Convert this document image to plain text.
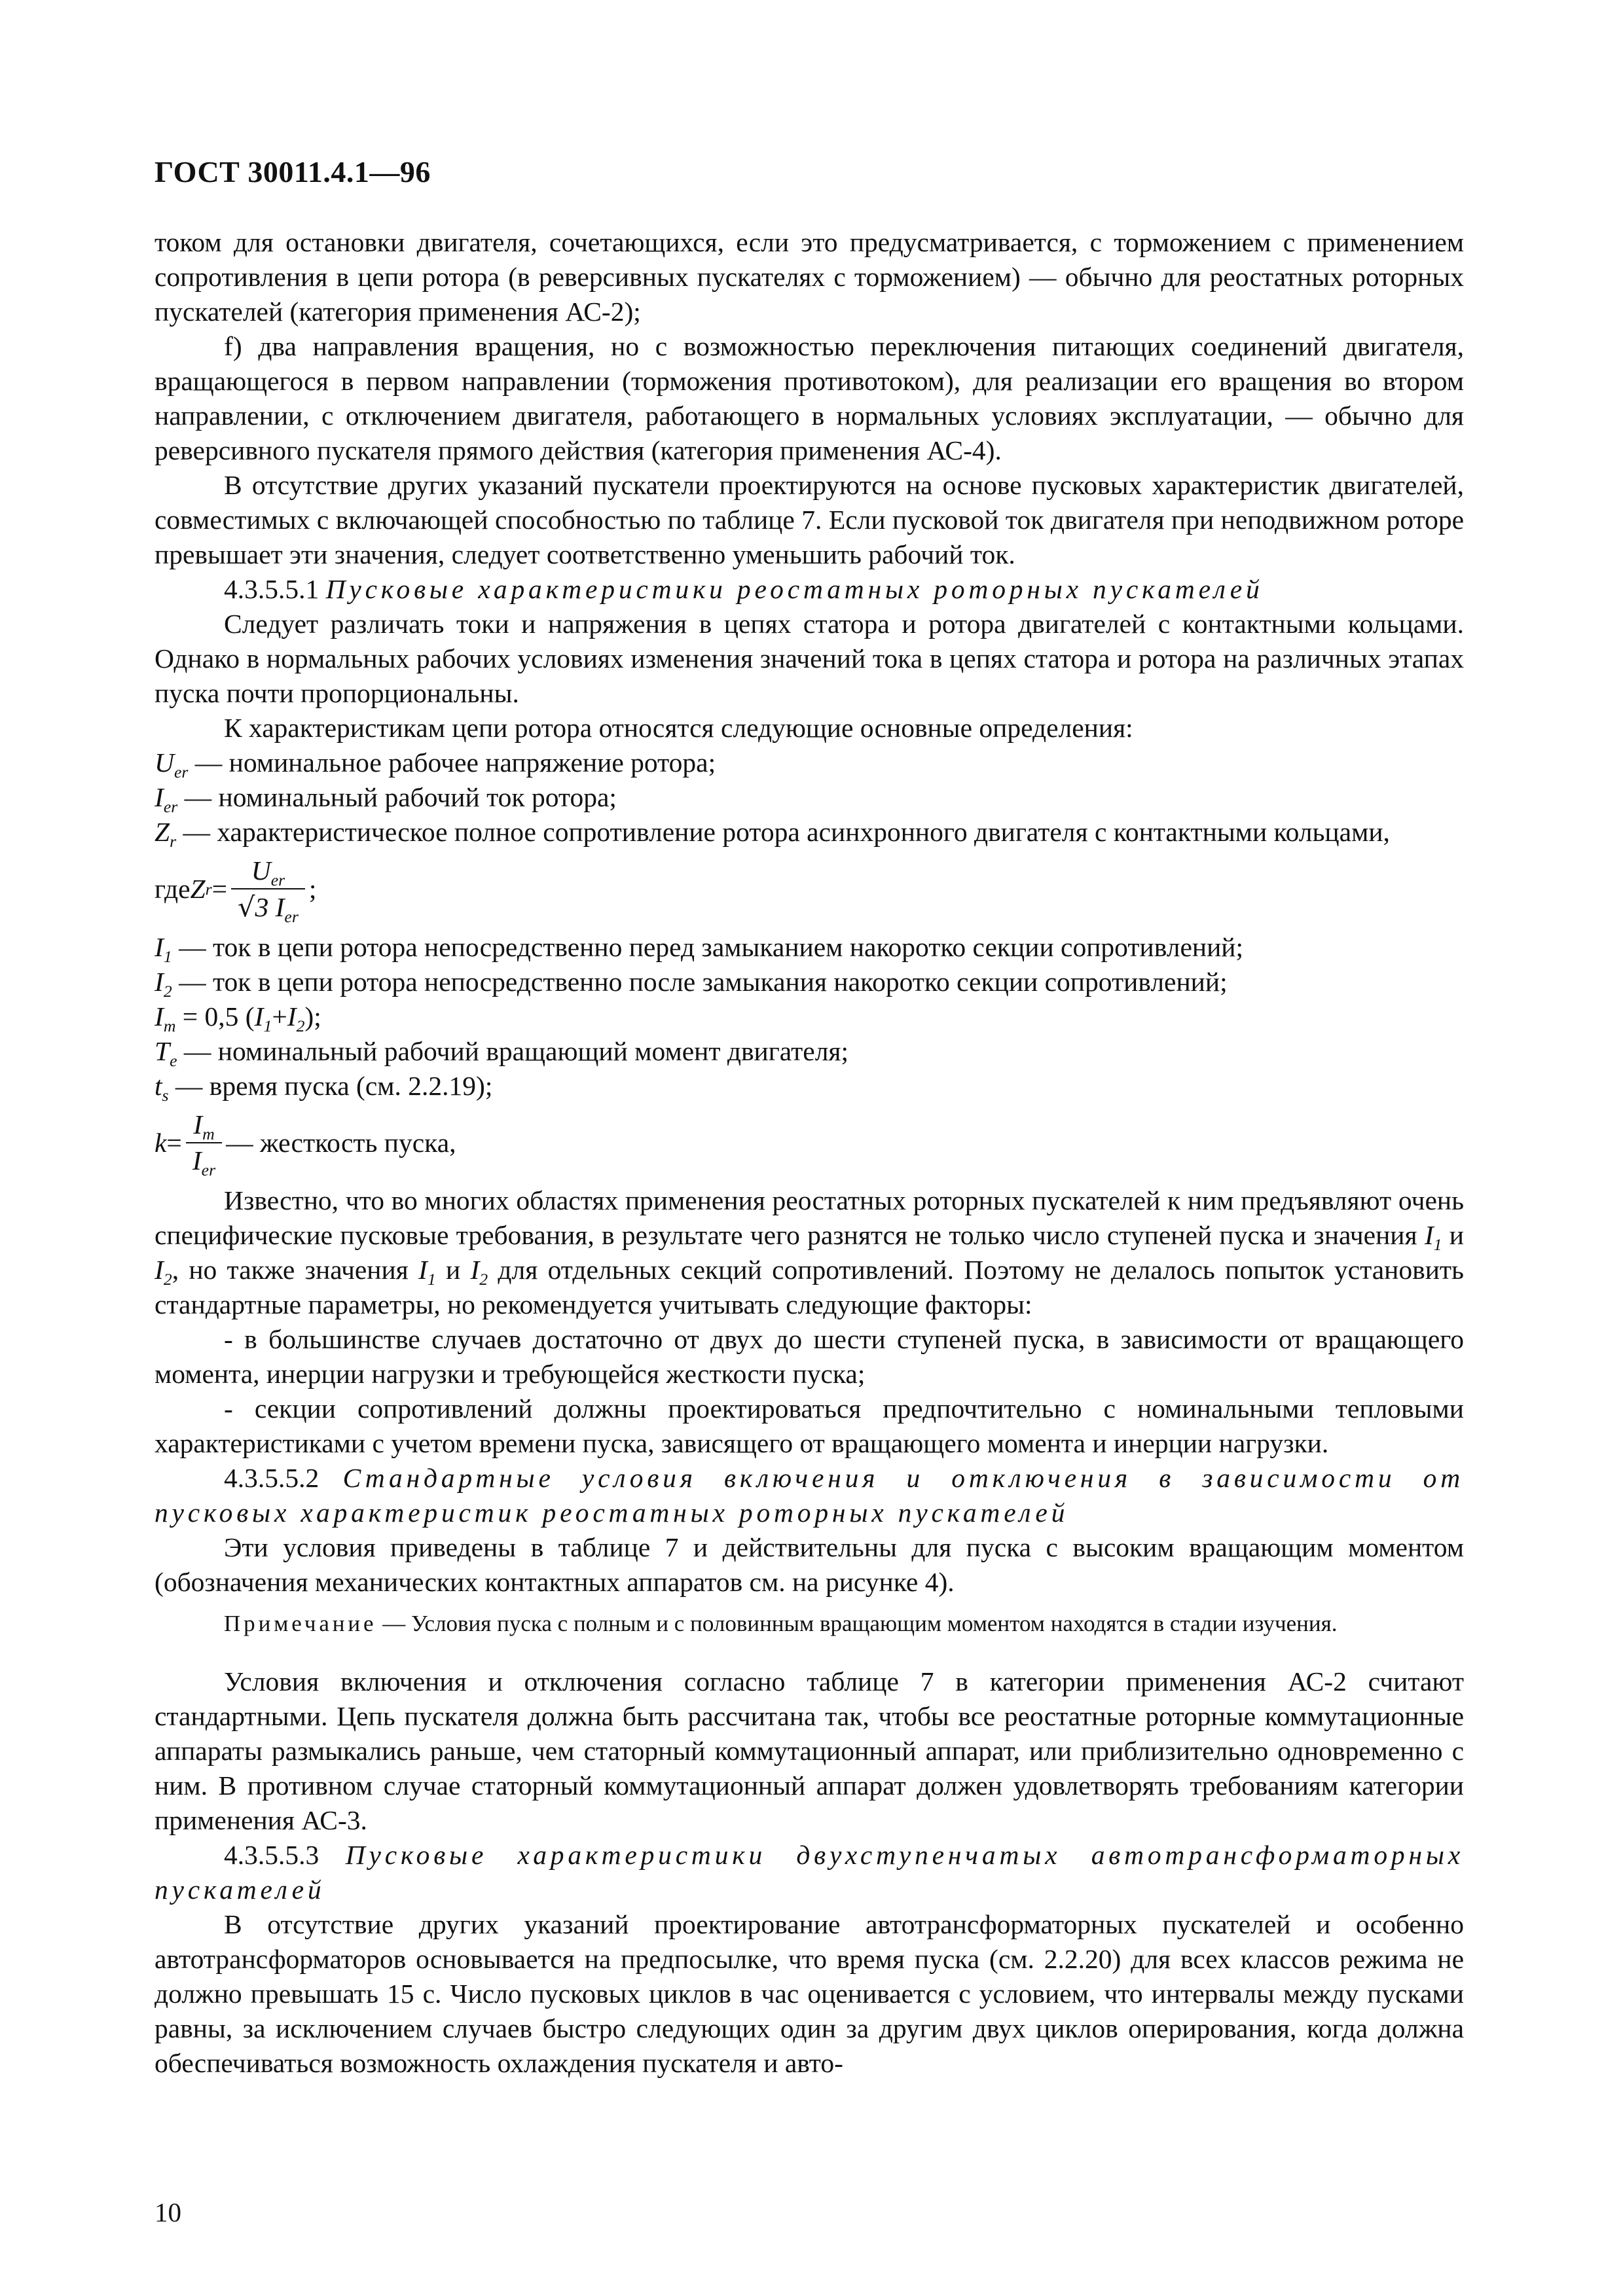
ГОСТ 30011.4.1—96

током для остановки двигателя, сочетающихся, если это предусматривается, с торможением с применением сопротивления в цепи ротора (в реверсивных пускателях с торможением) — обычно для реостатных роторных пускателей (категория применения АС-2);

f) два направления вращения, но с возможностью переключения питающих соединений двигателя, вращающегося в первом направлении (торможения противотоком), для реализации его вращения во втором направлении, с отключением двигателя, работающего в нормальных условиях эксплуатации, — обычно для реверсивного пускателя прямого действия (категория применения АС-4).

В отсутствие других указаний пускатели проектируются на основе пусковых характеристик двигателей, совместимых с включающей способностью по таблице 7. Если пусковой ток двигателя при неподвижном роторе превышает эти значения, следует соответственно уменьшить рабочий ток.

4.3.5.5.1 Пусковые характеристики реостатных роторных пускателей

Следует различать токи и напряжения в цепях статора и ротора двигателей с контактными кольцами. Однако в нормальных рабочих условиях изменения значений тока в цепях статора и ротора на различных этапах пуска почти пропорциональны.

К характеристикам цепи ротора относятся следующие основные определения:

$U_{er}$ — номинальное рабочее напряжение ротора;

$I_{er}$ — номинальный рабочий ток ротора;

$Z_r$ — характеристическое полное сопротивление ротора асинхронного двигателя с контактными кольцами,

где Z $r = \frac{U_{er}}{√3 I_{er}}$ ;

$I_1$ — ток в цепи ротора непосредственно перед замыканием накоротко секции сопротивлений;

$I_2$ — ток в цепи ротора непосредственно после замыкания накоротко секции сопротивлений;

$I_m = 0,5$ $(I_1+I_2)$;

$T_e$ — номинальный рабочий вращающий момент двигателя;

$t_s$ — время пуска (см. 2.2.19);

$k = \frac{I_m}{I_{er}}$ — жесткость пуска,

Известно, что во многих областях применения реостатных роторных пускателей к ним предъявляют очень специфические пусковые требования, в результате чего разнятся не только число ступеней пуска и значения $I_1$ и $I_2$, но также значения $I_1$ и $I_2$ для отдельных секций сопротивлений. Поэтому не делалось попыток установить стандартные параметры, но рекомендуется учитывать следующие факторы:

- в большинстве случаев достаточно от двух до шести ступеней пуска, в зависимости от вращающего момента, инерции нагрузки и требующейся жесткости пуска;

- секции сопротивлений должны проектироваться предпочтительно с номинальными тепловыми характеристиками с учетом времени пуска, зависящего от вращающего момента и инерции нагрузки.

4.3.5.5.2 Стандартные условия включения и отключения в зависимости от пусковых характеристик реостатных роторных пускателей

Эти условия приведены в таблице 7 и действительны для пуска с высоким вращающим моментом (обозначения механических контактных аппаратов см. на рисунке 4).

Примечание — Условия пуска с полным и с половинным вращающим моментом находятся в стадии изучения.

Условия включения и отключения согласно таблице 7 в категории применения АС-2 считают стандартными. Цепь пускателя должна быть рассчитана так, чтобы все реостатные роторные коммутационные аппараты размыкались раньше, чем статорный коммутационный аппарат, или приблизительно одновременно с ним. В противном случае статорный коммутационный аппарат должен удовлетворять требованиям категории применения АС-3.

4.3.5.5.3 Пусковые характеристики двухступенчатых автотрансформаторных пускателей

В отсутствие других указаний проектирование автотрансформаторных пускателей и особенно автотрансформаторов основывается на предпосылке, что время пуска (см. 2.2.20) для всех классов режима не должно превышать 15 с. Число пусковых циклов в час оценивается с условием, что интервалы между пусками равны, за исключением случаев быстро следующих один за другим двух циклов оперирования, когда должна обеспечиваться возможность охлаждения пускателя и авто-

10
